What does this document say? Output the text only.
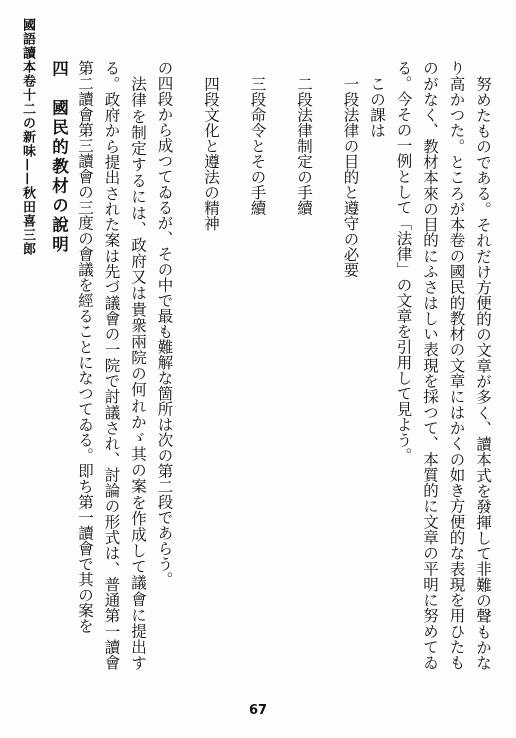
國語讀本卷十二の新味——秋田喜三郎	努めたものである。それだけ方便的の文章が多く、讀本式を發揮して非難の聲もかなり高かつた。ところが本卷の國民的教材の文章にはかくの如き方便的な表現を用ひたものがなく、教材本來の目的にふさはしい表現を採つて、本質的に文章の平明に努めてゐる。今その一例として「法律」の文章を引用して見よう。

この課は

一段法律の目的と遵守の必要

二段法律制定の手續

三段命令とその手續

四段文化と遵法の精神

の四段から成つてゐるが、その中で最も難解な箇所は次の第二段であらう。

法律を制定するには、政府又は貴衆兩院の何れかゞ其の案を作成して議會に提出する。政府から提出された案は先づ議會の一院で討議され、討論の形式は、普通第一讀會第二讀會第三讀會の三度の會議を經ることになつてゐる。即ち第一讀會で其の案を

四　國民的教材の說明

67
